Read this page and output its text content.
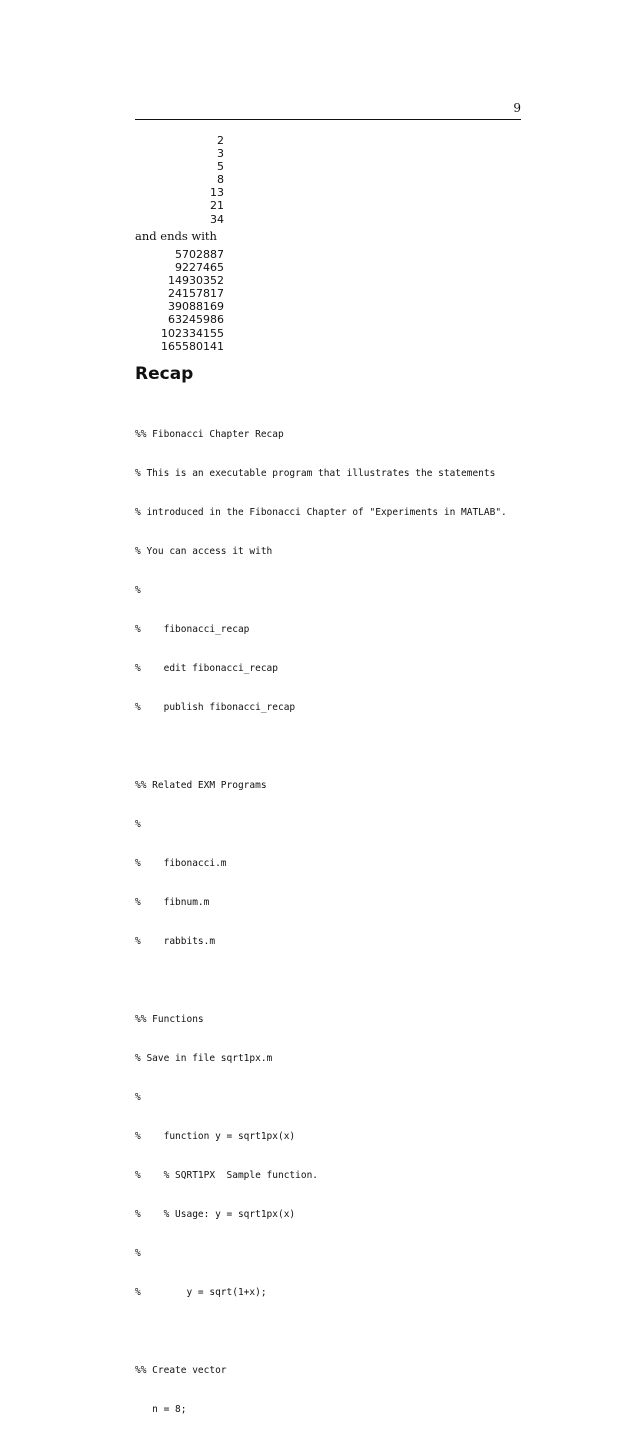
9
2
3
5
8
13
21
34
and ends with
5702887
9227465
14930352
24157817
39088169
63245986
102334155
165580141
Recap

%% Fibonacci Chapter Recap

% This is an executable program that illustrates the statements

% introduced in the Fibonacci Chapter of "Experiments in MATLAB".

% You can access it with

%

%    fibonacci_recap

%    edit fibonacci_recap

%    publish fibonacci_recap

%% Related EXM Programs

%

%    fibonacci.m

%    fibnum.m

%    rabbits.m

%% Functions

% Save in file sqrt1px.m

%

%    function y = sqrt1px(x)

%    % SQRT1PX  Sample function.

%    % Usage: y = sqrt1px(x)

%

%        y = sqrt(1+x);

%% Create vector

n = 8;
